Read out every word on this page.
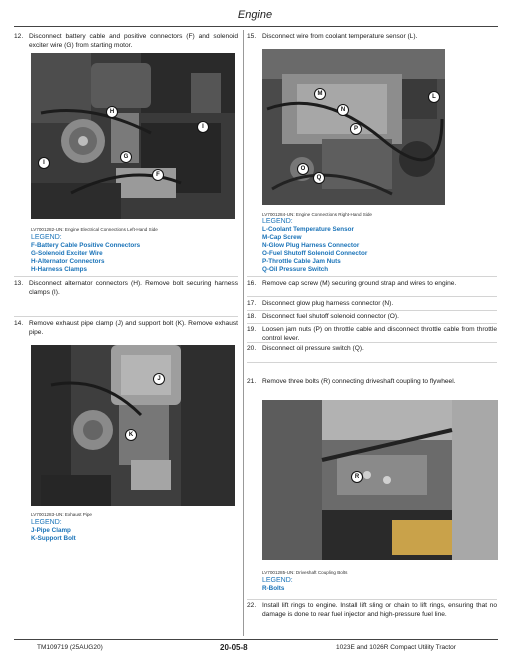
Engine
12. Disconnect battery cable and positive connectors (F) and solenoid exciter wire (G) from starting motor.
H
I
I
G
F
LV7001282-UN: Engine Electrical Connections Left-Hand Side
LEGEND:
F-Battery Cable Positive Connectors
G-Solenoid Exciter Wire
H-Alternator Connectors
H-Harness Clamps
13. Disconnect alternator connectors (H). Remove bolt securing harness clamps (I).
14. Remove exhaust pipe clamp (J) and support bolt (K). Remove exhaust pipe.
J
K
LV7001283-UN: Exhaust Pipe
LEGEND:
J-Pipe Clamp
K-Support Bolt
15. Disconnect wire from coolant temperature sensor (L).
M	L
N
P
O
Q
LV7001284-UN: Engine Connections Right-Hand Side
LEGEND:
L-Coolant Temperature Sensor
M-Cap Screw
N-Glow Plug Harness Connector
O-Fuel Shutoff Solenoid Connector
P-Throttle Cable Jam Nuts
Q-Oil Pressure Switch
16. Remove cap screw (M) securing ground strap and wires to engine.
17. Disconnect glow plug harness connector (N).
18. Disconnect fuel shutoff solenoid connector (O).
19. Loosen jam nuts (P) on throttle cable and disconnect throttle cable from throttle control lever.
20. Disconnect oil pressure switch (Q).
21. Remove three bolts (R) connecting driveshaft coupling to flywheel.
R
LV7001285-UN: Driveshaft Coupling Bolts
LEGEND:
R-Bolts
22. Install lift rings to engine. Install lift sling or chain to lift rings, ensuring that no damage is done to rear fuel injector and high-pressure fuel line.
TM109719 (25AUG20)	20-05-8	1023E and 1026R Compact Utility Tractor
